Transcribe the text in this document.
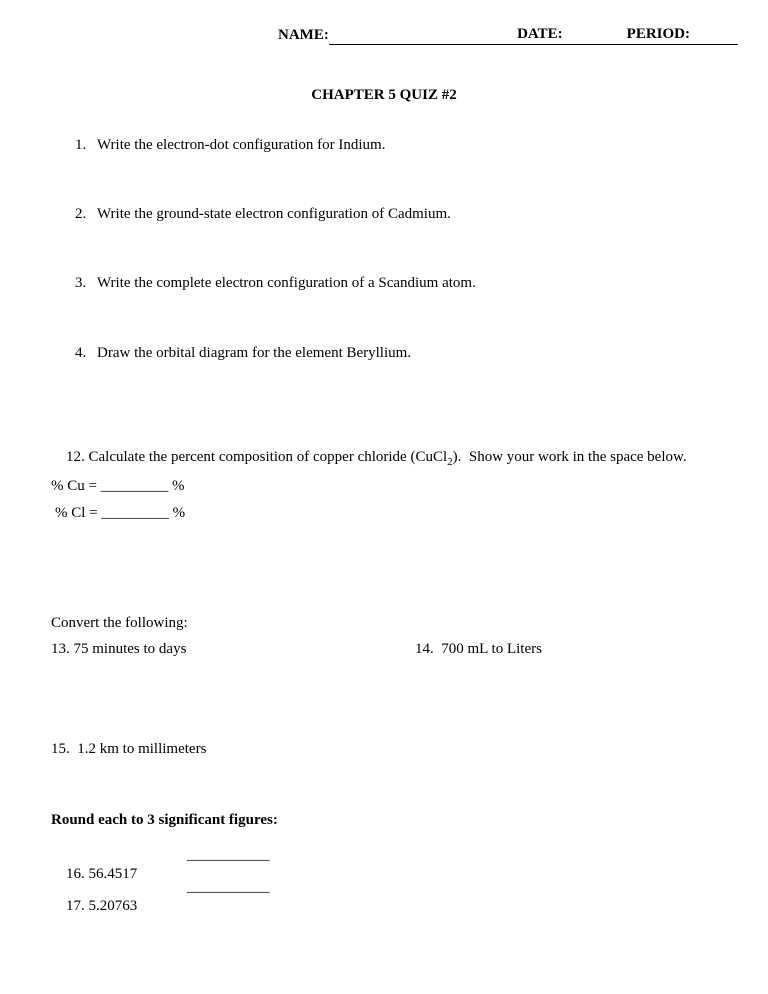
NAME:	DATE:	PERIOD:
CHAPTER 5 QUIZ #2
1. Write the electron-dot configuration for Indium.
2. Write the ground-state electron configuration of Cadmium.
3. Write the complete electron configuration of a Scandium atom.
4. Draw the orbital diagram for the element Beryllium.

12. Calculate the percent composition of copper chloride (CuCl$_2$).  Show your work in the space below.

% Cu = _________ %
% Cl = _________ %
Convert the following:
13. 75 minutes to days	14.  700 mL to Liters
15.  1.2 km to millimeters
Round each to 3 significant figures:

16. 56.4517

___________

17. 5.20763

___________
